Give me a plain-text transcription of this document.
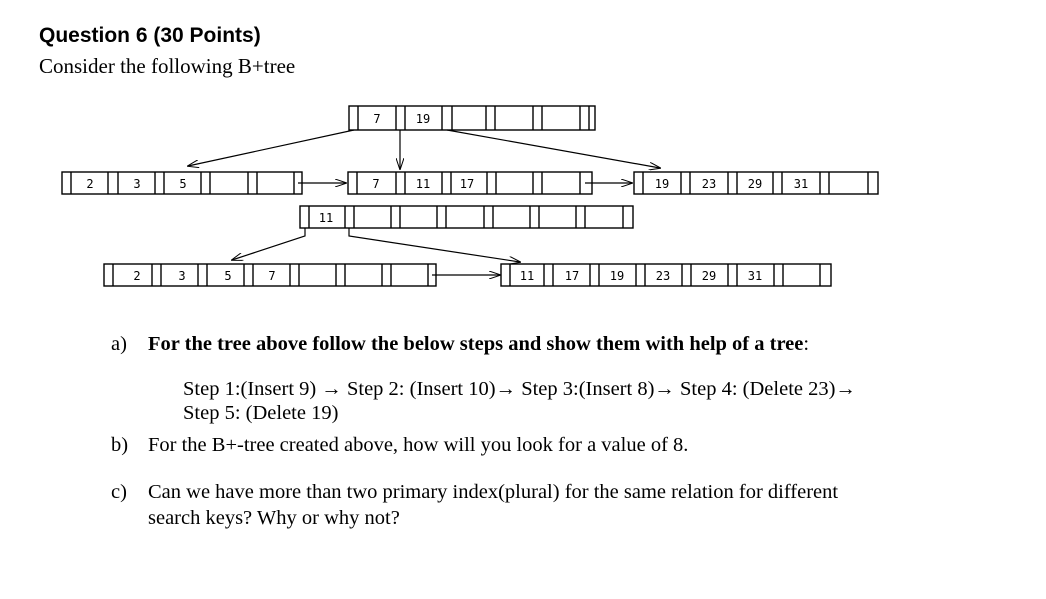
Question 6 (30 Points)
Consider the following B+tree
7	19
2	3	5	7	11 17	19	23	29	31
11
2	3	5	7	11	17	19	23	29	31
a) For the tree above follow the below steps and show them with help of a tree:
Step 1:(Insert 9) → Step 2: (Insert 10)→ Step 3:(Insert 8)→ Step 4: (Delete 23)→
Step 5: (Delete 19)
b) For the B+-tree created above, how will you look for a value of 8.
c) Can we have more than two primary index(plural) for the same relation for different
search keys? Why or why not?
